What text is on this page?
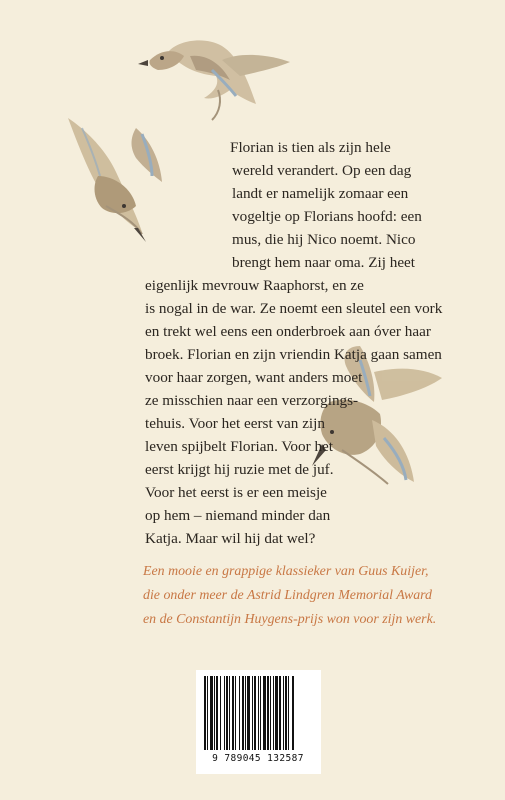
Florian is tien als zijn hele
wereld verandert. Op een dag
landt er namelijk zomaar een
vogeltje op Florians hoofd: een
mus, die hij Nico noemt. Nico
brengt hem naar oma. Zij heet
eigenlijk mevrouw Raaphorst, en ze
is nogal in de war. Ze noemt een sleutel een vork
en trekt wel eens een onderbroek aan óver haar
broek. Florian en zijn vriendin Katja gaan samen
voor haar zorgen, want anders moet
ze misschien naar een verzorgings-
tehuis. Voor het eerst van zijn
leven spijbelt Florian. Voor het
eerst krijgt hij ruzie met de juf.
Voor het eerst is er een meisje
op hem – niemand minder dan
Katja. Maar wil hij dat wel?
Een mooie en grappige klassieker van Guus Kuijer,
die onder meer de Astrid Lindgren Memorial Award
en de Constantijn Huygens-prijs won voor zijn werk.
9 789045 132587
